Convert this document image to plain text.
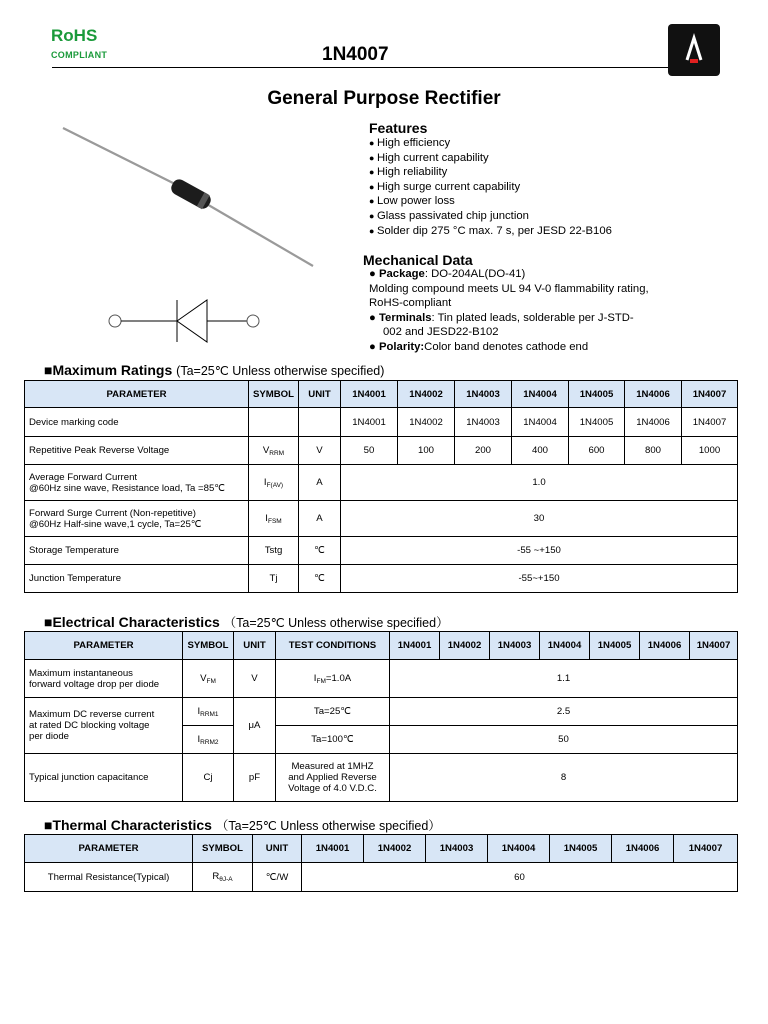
RoHS
COMPLIANT	1N4007
General Purpose Rectifier
Features
● High efficiency
● High current capability
● High reliability
● High surge current capability
● Low power loss
● Glass passivated chip junction
● Solder dip 275 °C max. 7 s, per JESD 22-B106
Mechanical Data
● Package: DO-204AL(DO-41)
Molding compound meets UL 94 V-0 flammability rating,
RoHS-compliant
● Terminals: Tin plated leads, solderable per J-STD-
002 and JESD22-B102
● Polarity:Color band denotes cathode end
■Maximum Ratings (Ta=25℃ Unless otherwise specified)
PARAMETER	SYMBOL	UNIT	1N4001	1N4002	1N4003	1N4004	1N4005	1N4006	1N4007
Device marking code			1N4001	1N4002	1N4003	1N4004	1N4005	1N4006	1N4007
Repetitive Peak Reverse Voltage	$V_{RRM}$	V	50	100	200	400	600	800	1000

Average Forward Current
@60Hz sine wave, Resistance load, Ta =85℃	$I_{F(AV)}$	A	1.0						

Forward Surge Current (Non-repetitive)
@60Hz Half-sine wave,1 cycle, Ta=25℃	$I_{FSM}$	A	30						
Storage Temperature	Tstg	℃	-55 ~+150						
Junction Temperature	Tj	℃	-55~+150						
■Electrical Characteristics （Ta=25℃ Unless otherwise specified）
PARAMETER	SYMBOL	UNIT	TEST CONDITIONS	1N4001	1N4002	1N4003	1N4004	1N4005	1N4006	1N4007

Maximum instantaneous
forward voltage drop per diode	$V_{FM}$	V	$I_{FM}=1.0A$	1.1						

Maximum DC reverse current
at rated DC blocking voltage
per diode	$I_{RRM1}$	μA	Ta=25℃	2.5						
	$I_{RRM2}$		Ta=100℃	50						
Typical junction capacitance	Cj	pF	Measured at 1MHZ
and Applied Reverse
Voltage of 4.0 V.D.C.	8						
■Thermal Characteristics （Ta=25℃ Unless otherwise specified）
PARAMETER	SYMBOL	UNIT	1N4001	1N4002	1N4003	1N4004	1N4005	1N4006	1N4007
Thermal Resistance(Typical)	$R_{\theta J-A}$	℃/W	60						
